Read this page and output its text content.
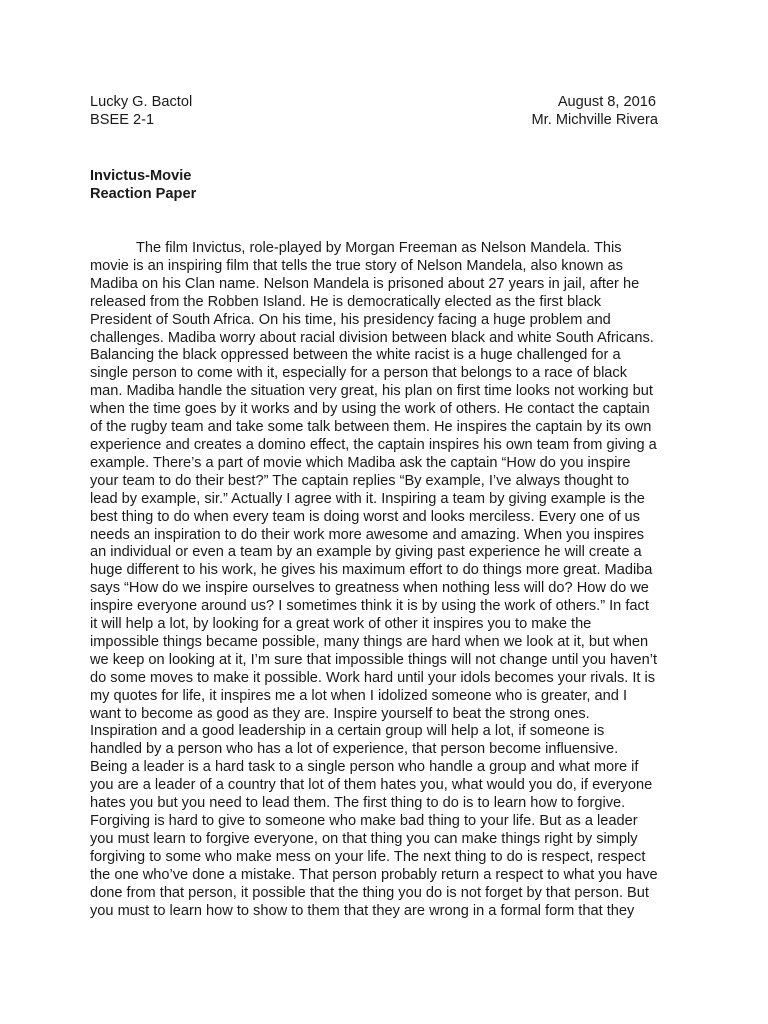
Lucky G. Bactol	August 8, 2016
BSEE 2-1	Mr. Michville Rivera
Invictus-Movie
Reaction Paper
The film Invictus, role-played by Morgan Freeman as Nelson Mandela. This
movie is an inspiring film that tells the true story of Nelson Mandela, also known as
Madiba on his Clan name. Nelson Mandela is prisoned about 27 years in jail, after he
released from the Robben Island. He is democratically elected as the first black
President of South Africa. On his time, his presidency facing a huge problem and
challenges. Madiba worry about racial division between black and white South Africans.
Balancing the black oppressed between the white racist is a huge challenged for a
single person to come with it, especially for a person that belongs to a race of black
man. Madiba handle the situation very great, his plan on first time looks not working but
when the time goes by it works and by using the work of others. He contact the captain
of the rugby team and take some talk between them. He inspires the captain by its own
experience and creates a domino effect, the captain inspires his own team from giving a
example. There’s a part of movie which Madiba ask the captain “How do you inspire
your team to do their best?” The captain replies “By example, I’ve always thought to
lead by example, sir.” Actually I agree with it. Inspiring a team by giving example is the
best thing to do when every team is doing worst and looks merciless. Every one of us
needs an inspiration to do their work more awesome and amazing. When you inspires
an individual or even a team by an example by giving past experience he will create a
huge different to his work, he gives his maximum effort to do things more great. Madiba
says “How do we inspire ourselves to greatness when nothing less will do? How do we
inspire everyone around us? I sometimes think it is by using the work of others.” In fact
it will help a lot, by looking for a great work of other it inspires you to make the
impossible things became possible, many things are hard when we look at it, but when
we keep on looking at it, I’m sure that impossible things will not change until you haven’t
do some moves to make it possible. Work hard until your idols becomes your rivals. It is
my quotes for life, it inspires me a lot when I idolized someone who is greater, and I
want to become as good as they are. Inspire yourself to beat the strong ones.
Inspiration and a good leadership in a certain group will help a lot, if someone is
handled by a person who has a lot of experience, that person become influensive.
Being a leader is a hard task to a single person who handle a group and what more if
you are a leader of a country that lot of them hates you, what would you do, if everyone
hates you but you need to lead them. The first thing to do is to learn how to forgive.
Forgiving is hard to give to someone who make bad thing to your life. But as a leader
you must learn to forgive everyone, on that thing you can make things right by simply
forgiving to some who make mess on your life. The next thing to do is respect, respect
the one who’ve done a mistake. That person probably return a respect to what you have
done from that person, it possible that the thing you do is not forget by that person. But
you must to learn how to show to them that they are wrong in a formal form that they
